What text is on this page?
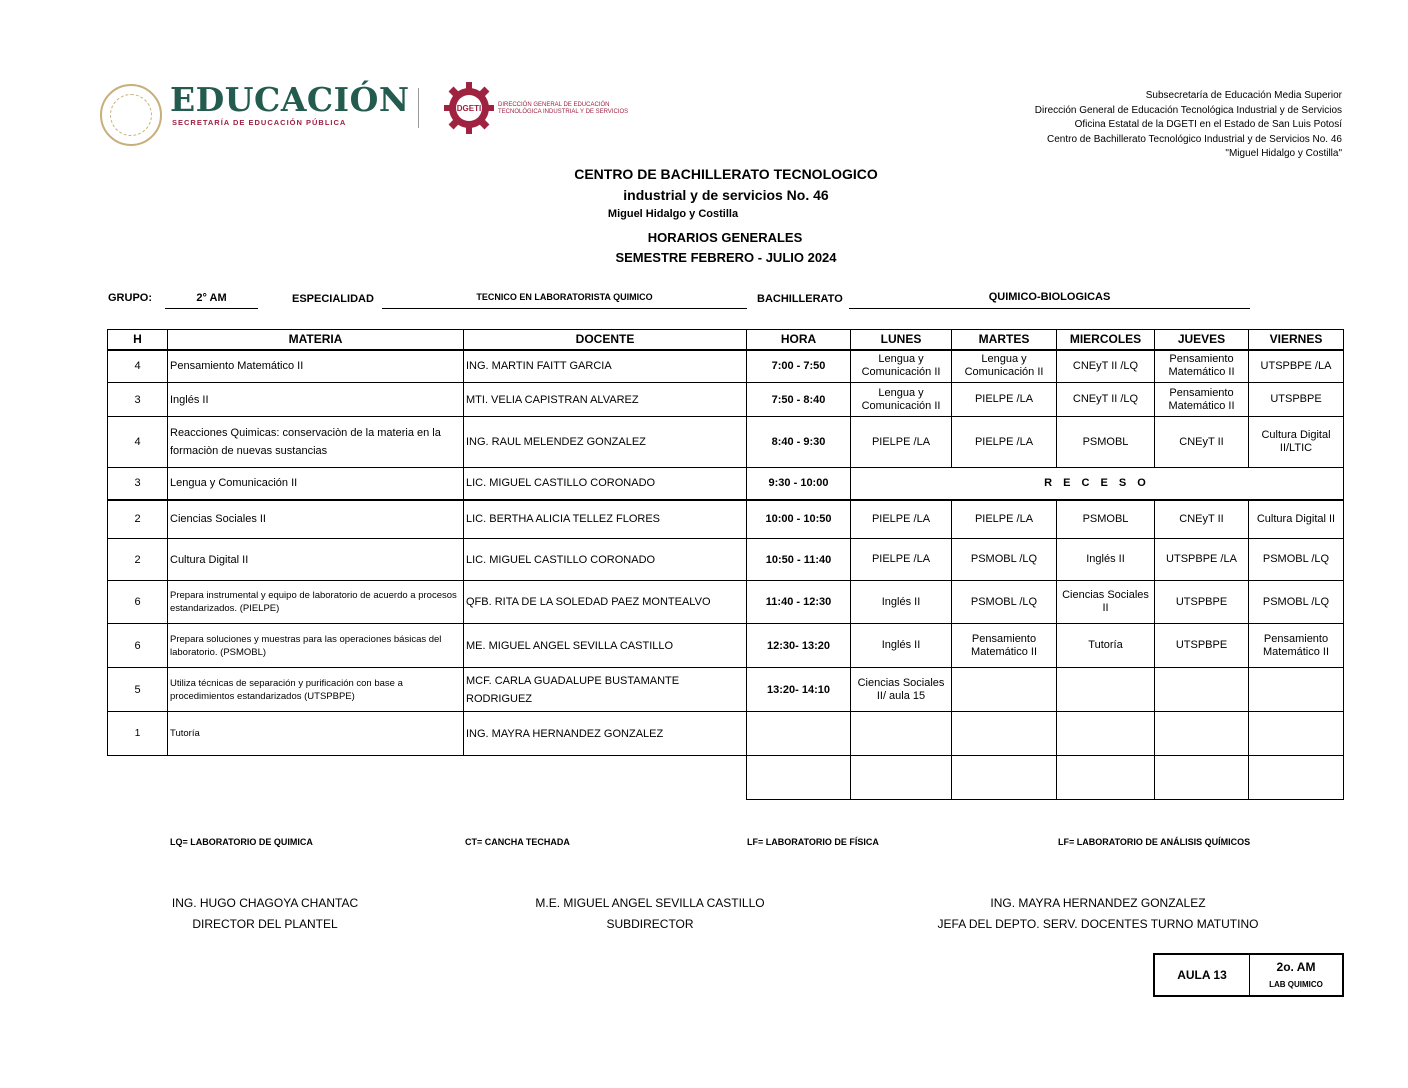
EDUCACIÓN
SECRETARÍA DE EDUCACIÓN PÚBLICA
DGETI	DIRECCIÓN GENERAL DE EDUCACIÓN
TECNOLÓGICA INDUSTRIAL Y DE SERVICIOS
Subsecretaría de Educación Media Superior
Dirección General de Educación Tecnológica Industrial y de Servicios
Oficina Estatal de la DGETI en el Estado de San Luis Potosí
Centro de Bachillerato Tecnológico Industrial y de Servicios No. 46
"Miguel Hidalgo y Costilla"
CENTRO DE BACHILLERATO TECNOLOGICO
industrial y de servicios No. 46
Miguel Hidalgo y Costilla
HORARIOS GENERALES
SEMESTRE FEBRERO - JULIO 2024
GRUPO:	2° AM	ESPECIALIDAD	TECNICO EN LABORATORISTA QUIMICO	BACHILLERATO	QUIMICO-BIOLOGICAS
H	MATERIA	DOCENTE	HORA	LUNES	MARTES	MIERCOLES	JUEVES	VIERNES
4	Pensamiento Matemático II	ING. MARTIN FAITT GARCIA	7:00 - 7:50	Lengua y Comunicación II	Lengua y Comunicación II	CNEyT II /LQ	Pensamiento Matemático II	UTSPBPE /LA
3	Inglés II	MTI. VELIA CAPISTRAN ALVAREZ	7:50 - 8:40	Lengua y Comunicación II	PIELPE /LA	CNEyT II /LQ	Pensamiento Matemático II	UTSPBPE
4	Reacciones Quimicas: conservaciòn de la materia en la formaciòn de nuevas sustancias	ING. RAUL MELENDEZ GONZALEZ	8:40 - 9:30	PIELPE /LA	PIELPE /LA	PSMOBL	CNEyT II	Cultura Digital II/LTIC
3	Lengua y Comunicación II	LIC. MIGUEL CASTILLO CORONADO	9:30 - 10:00	R E C E S O				
2	Ciencias Sociales II	LIC. BERTHA ALICIA TELLEZ FLORES	10:00 - 10:50	PIELPE /LA	PIELPE /LA	PSMOBL	CNEyT II	Cultura Digital II
2	Cultura Digital II	LIC. MIGUEL CASTILLO CORONADO	10:50 - 11:40	PIELPE /LA	PSMOBL /LQ	Inglés II	UTSPBPE /LA	PSMOBL /LQ
6	Prepara instrumental y equipo de laboratorio de acuerdo a procesos estandarizados. (PIELPE)	QFB. RITA DE LA SOLEDAD PAEZ MONTEALVO	11:40 - 12:30	Inglés II	PSMOBL /LQ	Ciencias Sociales II	UTSPBPE	PSMOBL /LQ
6	Prepara soluciones y muestras para las operaciones básicas del laboratorio. (PSMOBL)	ME. MIGUEL ANGEL SEVILLA CASTILLO	12:30- 13:20	Inglés II	Pensamiento Matemático II	Tutoría	UTSPBPE	Pensamiento Matemático II
5	Utiliza técnicas de separación y purificación con base a procedimientos estandarizados (UTSPBPE)	MCF. CARLA GUADALUPE BUSTAMANTE RODRIGUEZ	13:20- 14:10	Ciencias Sociales II/ aula 15				
1	Tutoría	ING. MAYRA HERNANDEZ GONZALEZ						

LQ= LABORATORIO DE QUIMICA	CT= CANCHA TECHADA	LF= LABORATORIO DE FÍSICA	LF= LABORATORIO DE ANÁLISIS QUÍMICOS
ING. HUGO CHAGOYA CHANTAC
DIRECTOR DEL PLANTEL
M.E. MIGUEL ANGEL SEVILLA CASTILLO
SUBDIRECTOR
ING. MAYRA HERNANDEZ GONZALEZ
JEFA DEL DEPTO. SERV. DOCENTES TURNO MATUTINO
AULA 13
2o. AM
LAB QUIMICO
